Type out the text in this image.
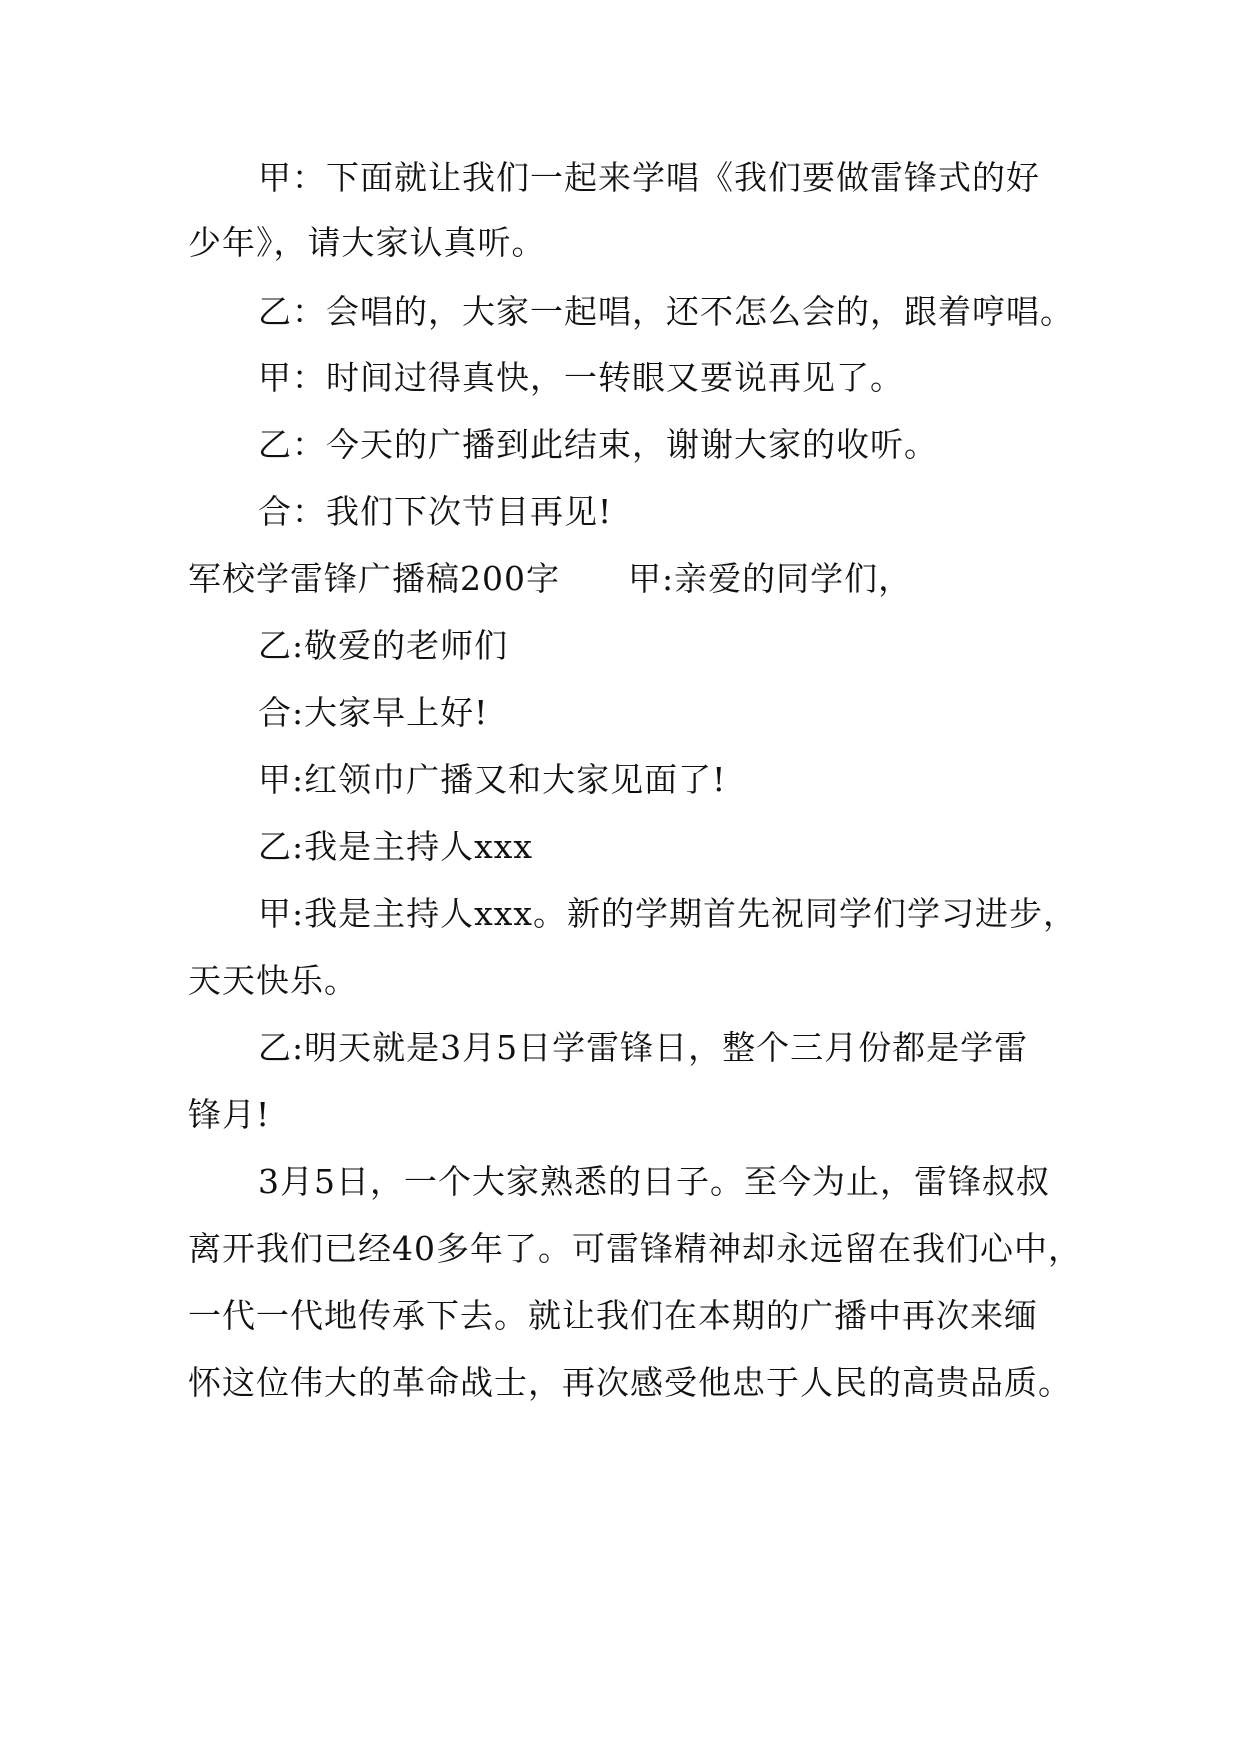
甲：下面就让我们一起来学唱《我们要做雷锋式的好
少年》，请大家认真听。
乙：会唱的，大家一起唱，还不怎么会的，跟着哼唱。
甲：时间过得真快，一转眼又要说再见了。
乙：今天的广播到此结束，谢谢大家的收听。
合：我们下次节目再见!
军校学雷锋广播稿200字　　甲:亲爱的同学们，
乙:敬爱的老师们
合:大家早上好!
甲:红领巾广播又和大家见面了!
乙:我是主持人xxx
甲:我是主持人xxx。新的学期首先祝同学们学习进步，
天天快乐。
乙:明天就是3月5日学雷锋日，整个三月份都是学雷
锋月!
3月5日，一个大家熟悉的日子。至今为止，雷锋叔叔
离开我们已经40多年了。可雷锋精神却永远留在我们心中，
一代一代地传承下去。就让我们在本期的广播中再次来缅
怀这位伟大的革命战士，再次感受他忠于人民的高贵品质。
